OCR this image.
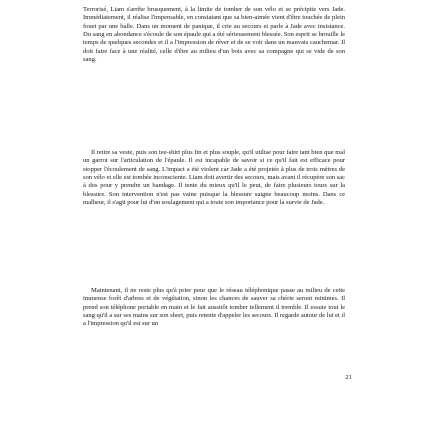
Terrorisé, Liam s'arrête brusquement, à la limite de tomber de son vélo et se précipite vers Jade. Immédiatement, il réalise l'impensable, en constatant que sa bien-aimée vient d'être touchée de plein fouet par une balle. Dans un moment de panique, il crie au secours et parle à Jade avec insistance. Du sang en abondance s'écoule de son épaule qui a été sérieusement blessée. Son esprit se brouille le temps de quelques secondes et il a l'impression de rêver et de se voir dans un mauvais cauchemar. Il doit faire face à une réalité, celle d'être au milieu d'un bois avec sa compagne qui se vide de son sang.

Il retire sa veste, puis son tee-shirt plus fin et plus souple, qu'il utilise pour faire tant bien que mal un garrot sur l'articulation de l'épaule. Il est incapable de savoir si ce qu'il fait est efficace pour stopper l'écoulement de sang. L'impact a été violent car Jade a été projetée à plus de trois mètres de son vélo et elle est tombée inconsciente. Liam doit avertir des secours, mais avant il récupère son sac à dos pour y prendre un bandage. Il tente du mieux qu'il le peut, de faire plusieurs tours sur la blessure. Son intervention n'est pas vaine puisque la blessure saigne beaucoup moins. Dans ce malheur, il s'agit pour lui d'un soulagement qui a toute son importance pour la survie de Jade.

Maintenant, il ne reste plus qu'à prier pour que le réseau téléphonique passe au milieu de cette immense forêt d'arbres et de végétation, sinon les chances de sauver sa chérie seront minimes. Il prend son téléphone portable en main et le fait aussitôt tomber tellement il tremble. Il essuie tout le sang qu'il a sur ses mains sur son short, puis retente d'appeler les secours. Il regarde autour de lui et il a l'impression qu'il est sur un

21
